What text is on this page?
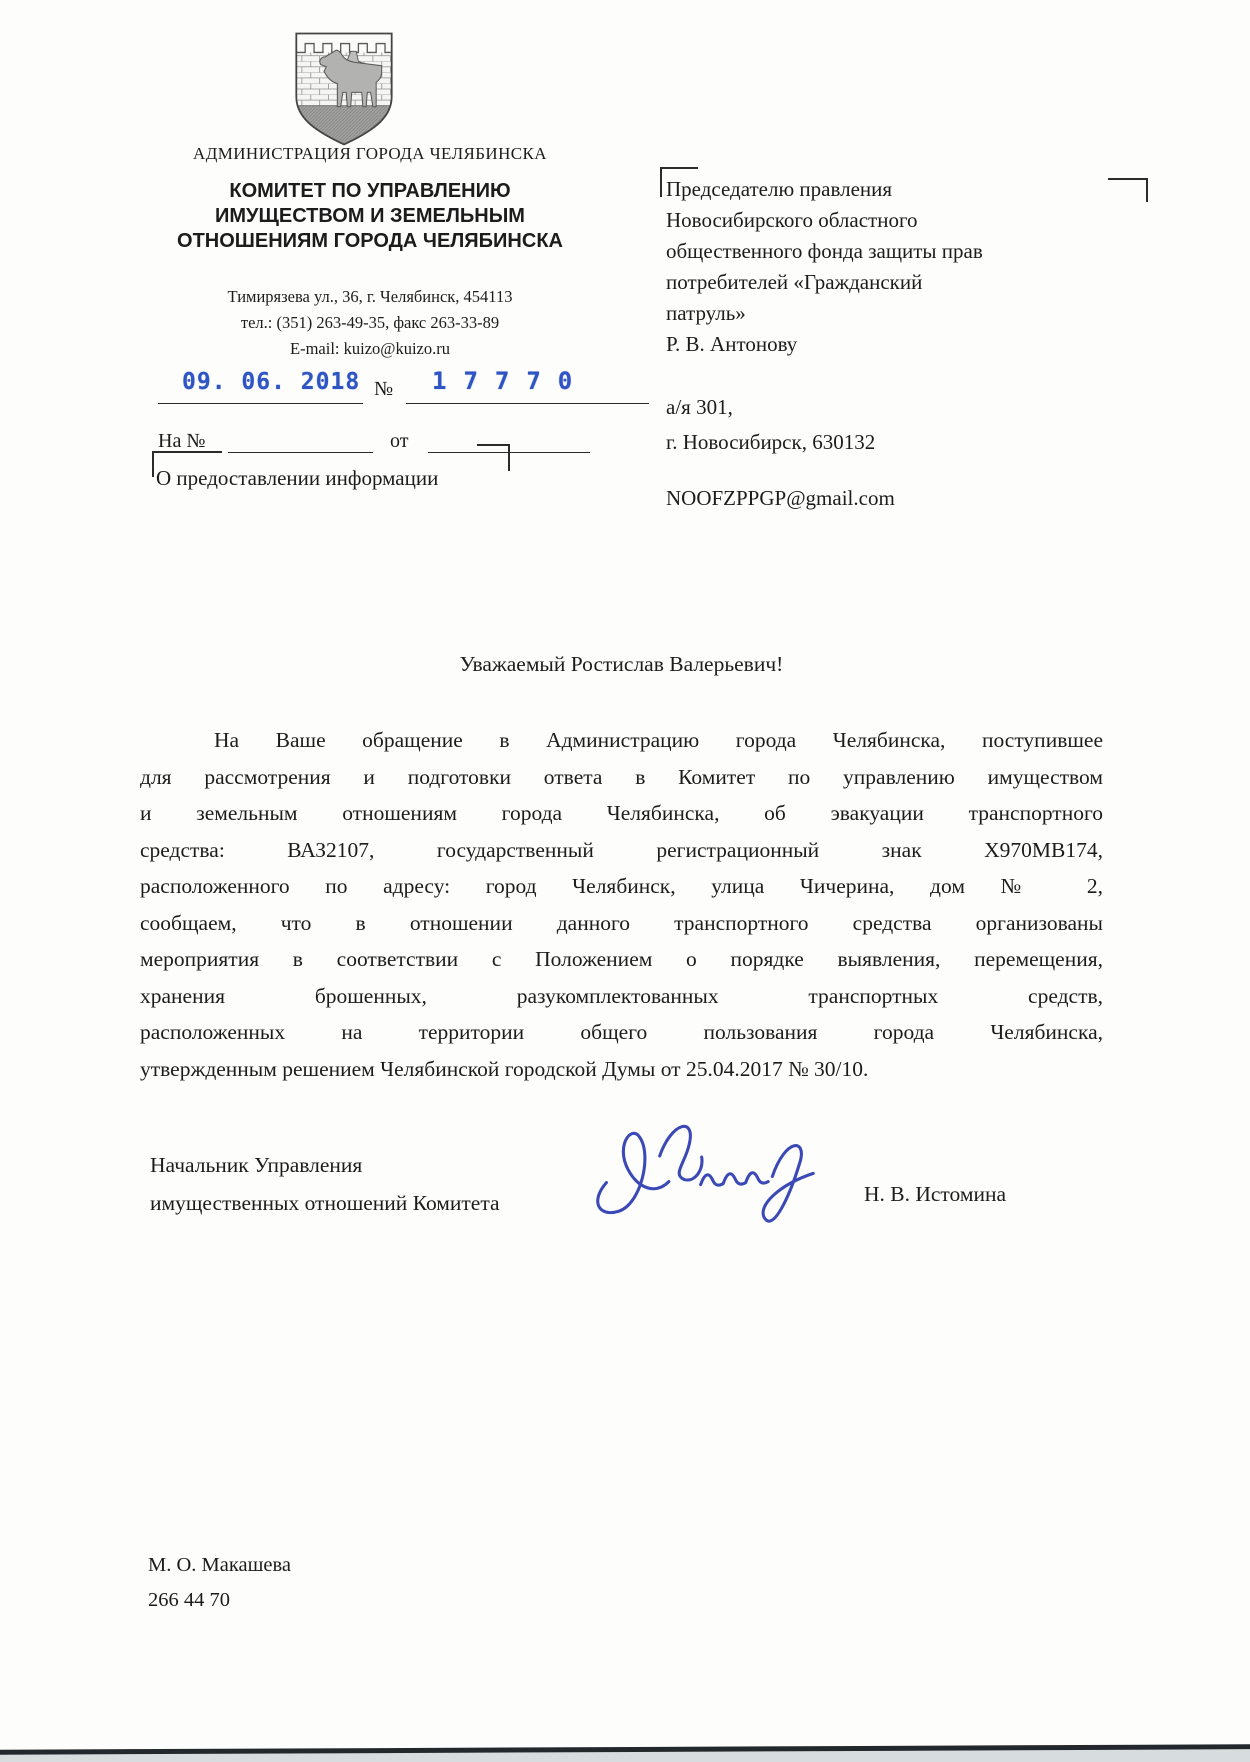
АДМИНИСТРАЦИЯ ГОРОДА ЧЕЛЯБИНСКА
КОМИТЕТ ПО УПРАВЛЕНИЮ
ИМУЩЕСТВОМ И ЗЕМЕЛЬНЫМ
ОТНОШЕНИЯМ ГОРОДА ЧЕЛЯБИНСКА
Тимирязева ул., 36, г. Челябинск, 454113
тел.: (351) 263-49-35, факс 263-33-89
E-mail: kuizo@kuizo.ru
09. 06. 2018 № 17770
На №	от
Председателю правления
Новосибирского областного
общественного фонда защиты прав
потребителей «Гражданский
патруль»
Р. В. Антонову
а/я 301,
г. Новосибирск, 630132
NOOFZPPGP@gmail.com
О предоставлении информации
Уважаемый Ростислав Валерьевич!
На Ваше обращение в Администрацию города Челябинска, поступившее
для рассмотрения и подготовки ответа в Комитет по управлению имуществом
и земельным отношениям города Челябинска, об эвакуации транспортного
средства: ВАЗ2107, государственный регистрационный знак Х970МВ174,
расположенного по адресу: город Челябинск, улица Чичерина, дом № 2,
сообщаем, что в отношении данного транспортного средства организованы
мероприятия в соответствии с Положением о порядке выявления, перемещения,
хранения брошенных, разукомплектованных транспортных средств,
расположенных на территории общего пользования города Челябинска,
утвержденным решением Челябинской городской Думы от 25.04.2017 № 30/10.
Начальник Управления
имущественных отношений Комитета	Н. В. Истомина
М. О. Макашева
266 44 70
